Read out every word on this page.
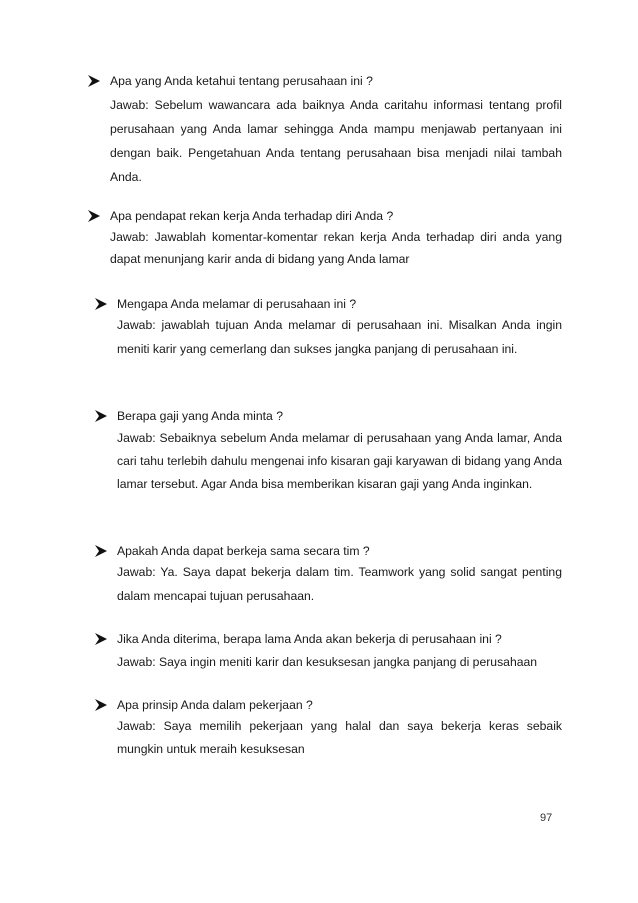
Apa yang Anda ketahui tentang perusahaan ini ?
Jawab: Sebelum wawancara ada baiknya Anda caritahu informasi tentang profil perusahaan yang Anda lamar sehingga Anda mampu menjawab pertanyaan ini dengan baik. Pengetahuan Anda tentang perusahaan bisa menjadi nilai tambah Anda.
Apa pendapat rekan kerja Anda terhadap diri Anda ?
Jawab: Jawablah komentar-komentar rekan kerja Anda terhadap diri anda yang dapat menunjang karir anda di bidang yang Anda lamar
Mengapa Anda melamar di perusahaan ini ?
Jawab: jawablah tujuan Anda melamar di perusahaan ini. Misalkan Anda ingin meniti karir yang cemerlang dan sukses jangka panjang di perusahaan ini.
Berapa gaji yang Anda minta ?
Jawab: Sebaiknya sebelum Anda melamar di perusahaan yang Anda lamar, Anda cari tahu terlebih dahulu mengenai info kisaran gaji karyawan di bidang yang Anda lamar tersebut. Agar Anda bisa memberikan kisaran gaji yang Anda inginkan.
Apakah Anda dapat berkeja sama secara tim ?
Jawab: Ya. Saya dapat bekerja dalam tim. Teamwork yang solid sangat penting dalam mencapai tujuan perusahaan.
Jika Anda diterima, berapa lama Anda akan bekerja di perusahaan ini ?
Jawab: Saya ingin meniti karir dan kesuksesan jangka panjang di perusahaan
Apa prinsip Anda dalam pekerjaan ?
Jawab: Saya memilih pekerjaan yang halal dan saya bekerja keras sebaik mungkin untuk meraih kesuksesan
97
